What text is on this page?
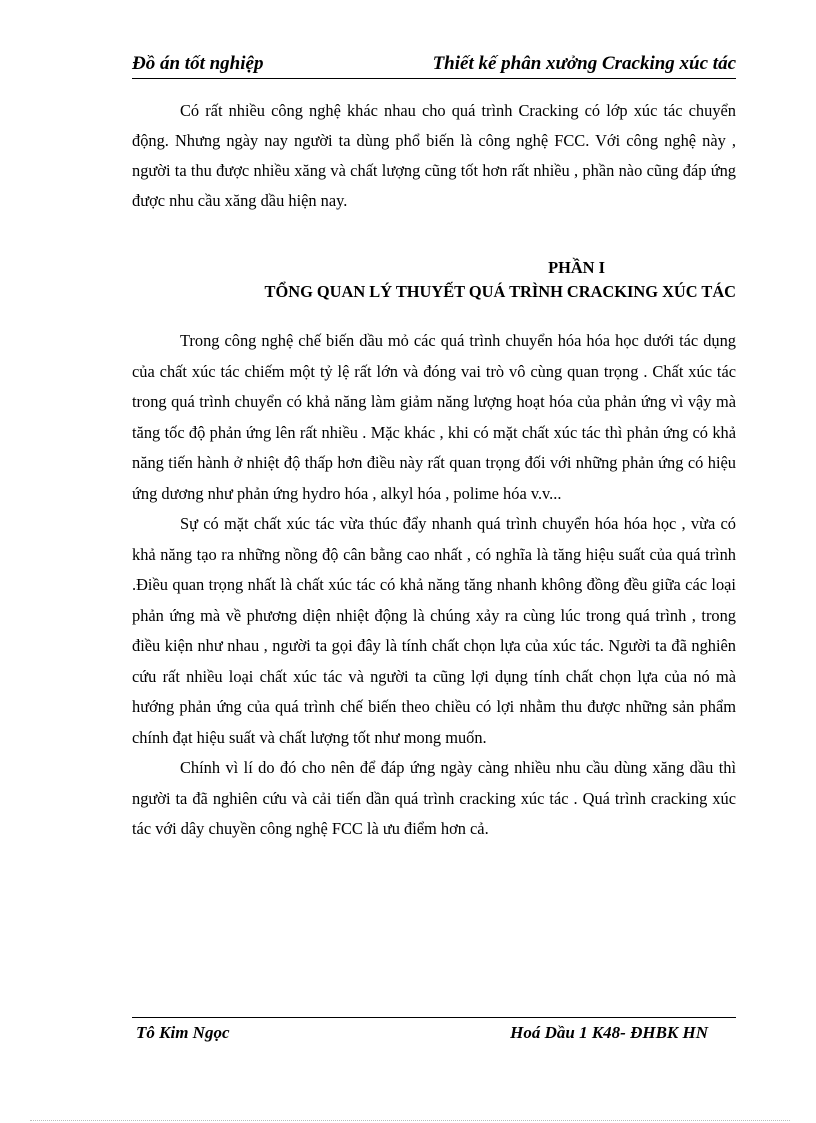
Đồ án tốt nghiệp	Thiết kế phân xưởng Cracking xúc tác

Có rất nhiều công nghệ khác nhau cho quá trình Cracking có lớp xúc tác chuyển động. Nhưng ngày nay người ta dùng phổ biến là công nghệ FCC. Với công nghệ này , người ta thu được nhiều xăng và chất lượng cũng tốt hơn rất nhiều , phần nào cũng đáp ứng được nhu cầu xăng dầu hiện nay.

PHẦN I
TỔNG QUAN LÝ THUYẾT QUÁ TRÌNH CRACKING XÚC TÁC

Trong công nghệ chế biến dầu mỏ các quá trình chuyển hóa hóa học dưới tác dụng của chất xúc tác chiếm một tỷ lệ rất lớn và đóng vai trò vô cùng quan trọng . Chất xúc tác trong quá trình chuyển có khả năng làm giảm năng lượng hoạt hóa của phản ứng vì vậy mà tăng tốc độ phản ứng lên rất nhiều . Mặc khác , khi có mặt chất xúc tác thì phản ứng có khả năng tiến hành ở nhiệt độ thấp hơn điều này rất quan trọng đối với những phản ứng có hiệu ứng dương như phản ứng hydro hóa , alkyl hóa , polime hóa v.v...

Sự có mặt chất xúc tác vừa thúc đẩy nhanh quá trình chuyển hóa hóa học , vừa có khả năng tạo ra những nồng độ cân bằng cao nhất , có nghĩa là tăng hiệu suất của quá trình .Điều quan trọng nhất là chất xúc tác có khả năng tăng nhanh không đồng đều giữa các loại phản ứng mà về phương diện nhiệt động là chúng xảy ra cùng lúc trong quá trình , trong điều kiện như nhau , người ta gọi đây là tính chất chọn lựa của xúc tác. Người ta đã nghiên cứu rất nhiều loại chất xúc tác và người ta cũng lợi dụng tính chất chọn lựa của nó mà hướng phản ứng của quá trình chế biến theo chiều có lợi nhằm thu được những sản phẩm chính đạt hiệu suất và chất lượng tốt như mong muốn.

Chính vì lí do đó cho nên để đáp ứng ngày càng nhiều nhu cầu dùng xăng dầu thì người ta đã nghiên cứu và cải tiến dần quá trình cracking xúc tác . Quá trình cracking xúc tác với dây chuyền công nghệ FCC là ưu điểm hơn cả.

Tô Kim Ngọc	Hoá Dầu 1 K48- ĐHBK HN
